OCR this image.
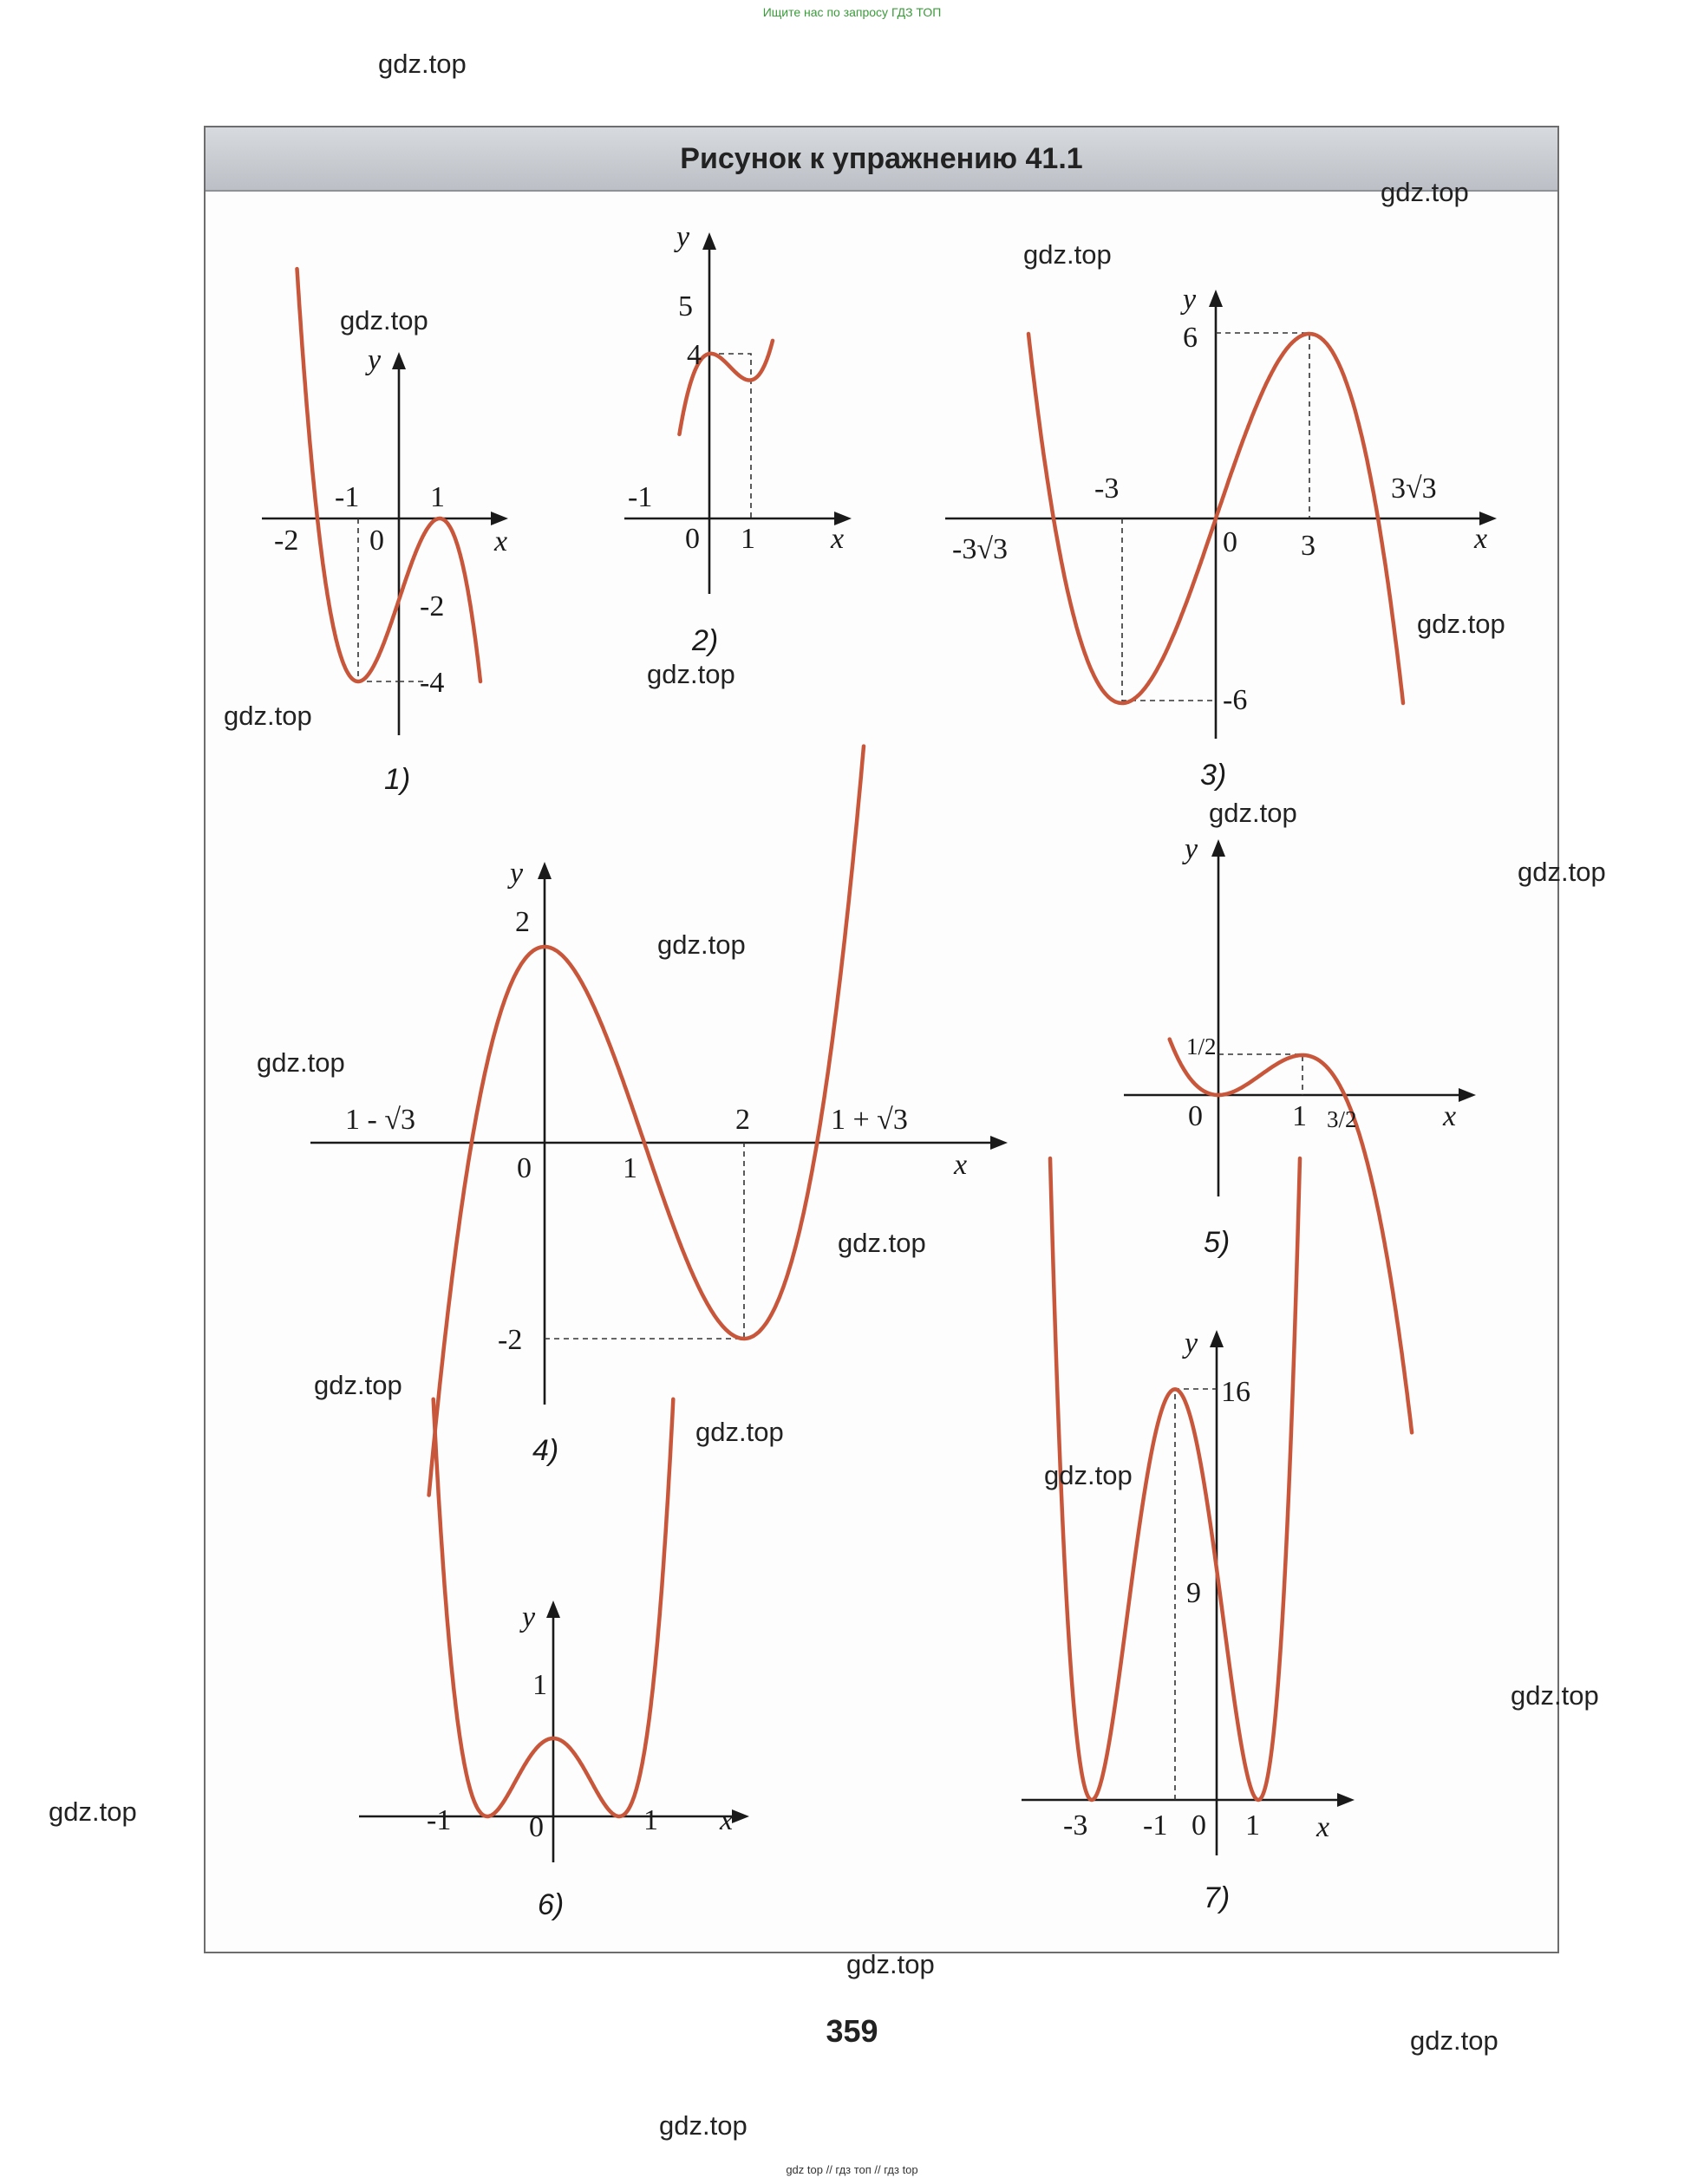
Ищите нас по запросу ГДЗ ТОП
Рисунок к упражнению 41.1
x
y
-2
-1
0
1
-2
-4
1)
x
y
-1
0 1
5
4
2)
x
y
-3√3
-3
0 3
3√3
6
-6
3)
x
y
1 - √3
0	1
2	1 + √3
2
-2
4)
x
y
0	1 3/2
1/2
5)
x
y
-1	0	1
1
6)
x
y
-3 -1 0 1
16
9
7)
gdz.top
gdz.top
gdz.top
gdz.top
gdz.top
gdz.top
gdz.top
gdz.top
gdz.top
gdz.top
gdz.top
gdz.top
gdz.top
gdz.top
gdz.top
gdz.top
gdz.top
gdz.top
gdz.top
gdz.top
359
gdz top // гдз топ // гдз top
